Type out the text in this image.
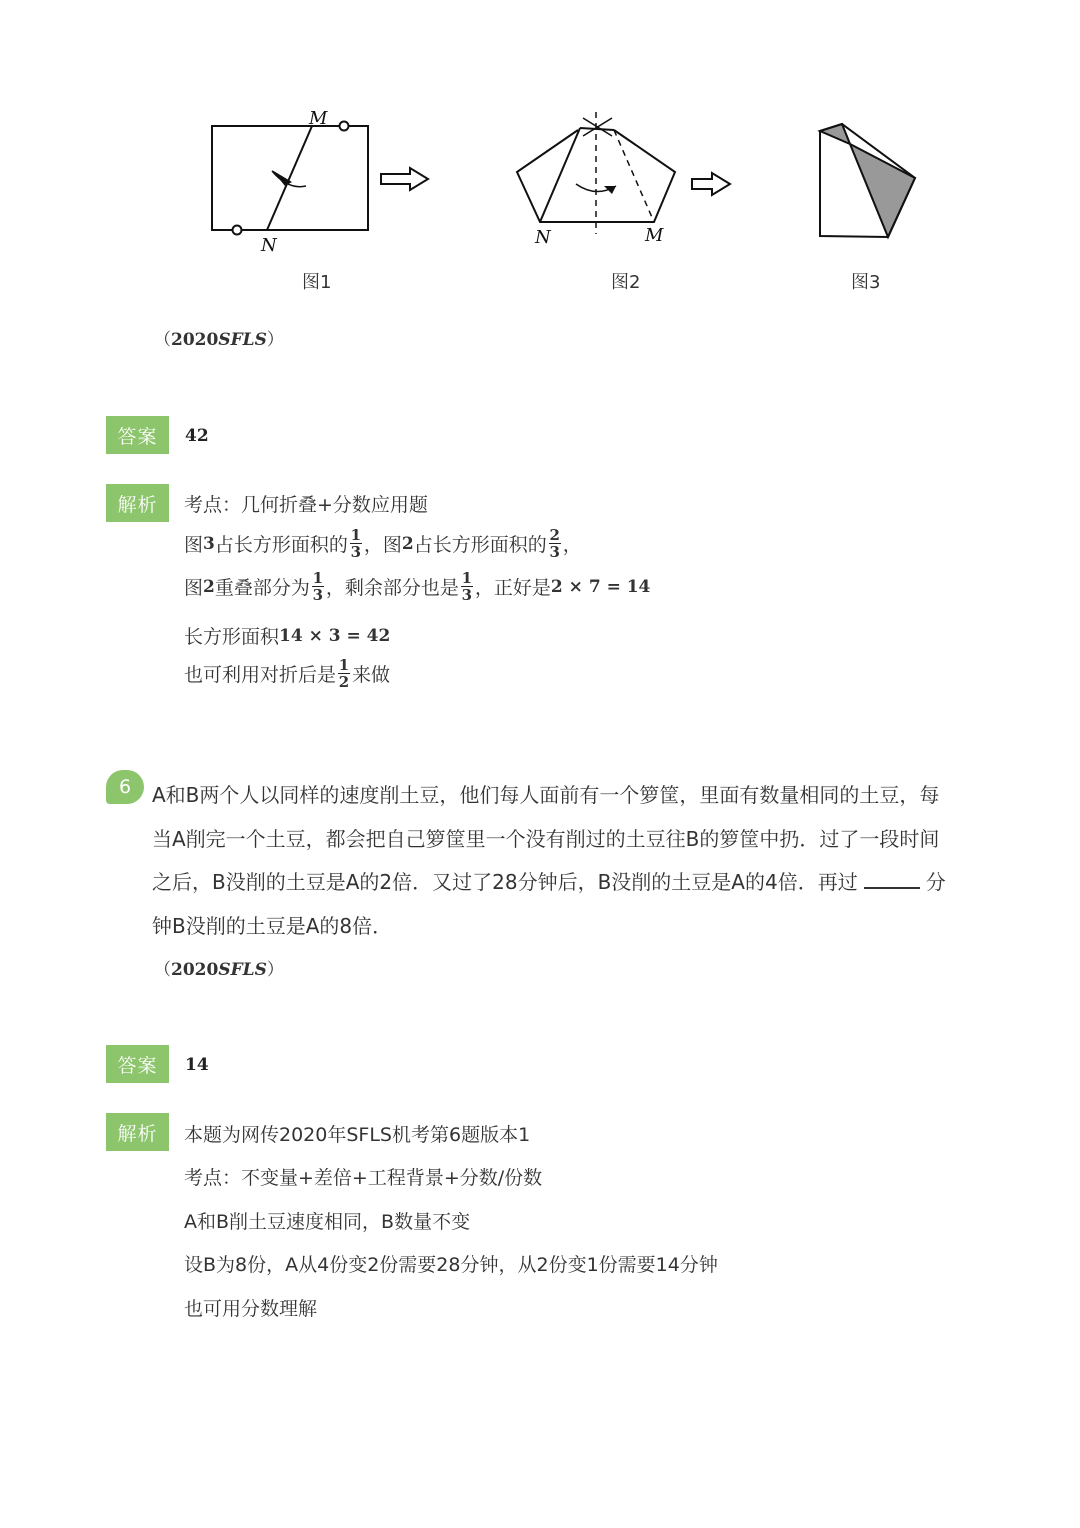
M
N	N	M
图1	图2	图3
（2020SFLS）
答案	42
解析	考点：几何折叠+分数应用题
图 3 占长方形面积的 $\frac{1}{3}$ ，图 2 占长方形面积的 $\frac{2}{3}$ ，
图 2 重叠部分为 $\frac{1}{3}$ ，剩余部分也是 $\frac{1}{3}$ ，正好是 2 × 7 = 14
长方形面积 14 × 3 = 42
也可利用对折后是 $\frac{1}{2}$ 来做
6	A和B两个人以同样的速度削土豆，他们每人面前有一个箩筐，里面有数量相同的土豆，每
当A削完一个土豆，都会把自己箩筐里一个没有削过的土豆往B的箩筐中扔．过了一段时间
之后，B没削的土豆是A的2倍．又过了28分钟后，B没削的土豆是A的4倍．再过	分
钟B没削的土豆是A的8倍．
（2020SFLS）
答案	14
解析	本题为网传2020年SFLS机考第6题版本1
考点：不变量+差倍+工程背景+分数/份数
A和B削土豆速度相同，B数量不变
设B为8份，A从4份变2份需要28分钟，从2份变1份需要14分钟
也可用分数理解
